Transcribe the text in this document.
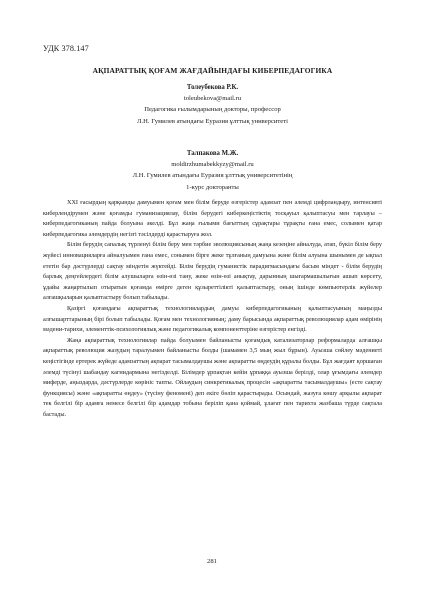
УДК 378.147
АҚПАРАТТЫҚ ҚОҒАМ ЖАҒДАЙЫНДАҒЫ КИБЕРПЕДАГОГИКА
Толеубекова Р.К.
toleubekova@mail.ru
Педагогика ғылымдарының докторы, профессор
Л.Н. Гумилев атындағы Еуразия ұлттық университеті
Талпакова М.Ж.
moldirzhumabekkyzy@mail.ru
Л.Н. Гумилев атындағы Еуразия ұлттық университетінің
1-курс докторанты

XXI ғасырдың қарқынды дамуымен қоғам мен білім беруде өзгерістер адамзат пен əлемді цифрландыру, интенсивті киберлендірумен және қоғамды гуманизациялау, білім берудегі киберкеңістіктің тосқауыл қалыптасуы мен тарлауы – киберпедагогиканың пайда болуына əкелді. Бұл жаңа ғылыми бағыттың сұрақтары тұрақты ғана емес, солымен қатар киберпедагогика əлемдердің негізгі тəсілдерді қарастыруға жол.

Білім берудің сапалық түрленуі білім беру мен тəрбие эволюциясының жаңа кезеңіне айналуда, атап, бүкіл білім беру жүйесі инновацияларға айналуымен ғана емес, сонымен бірге жеке тұлғаның дамуына және білім алуына шынымен де ықпал ететін бар дəстүрлерді сақтау міндетін жүктейді. Білім берудің гуманистік парадигмасындағы басым міндет - білім берудің барлық деңгейлердегі білім алушыларға өзін-өзі тану, жеке өзін-өзі анықтау, дарынның шығармашылығын ашып көрсету, ұдайы жаңартылып отыратын қоғамда өмірге деген құзыреттілікті қалыптастыру, оның ішінде көмпьютерлік жүйелер алғашқыларын қалыптастыру болып табылады.

Қазіргі қоғамдағы ақпараттық технологиялардың дамуы киберпедагогиканың қалыптасуының маңызды алғышарттарының бірі болып табылады. Қоғам мен технологияның; даму барысында ақпараттық революциялар адам өмірінің мəдени-тарихи, элементтік-психологиялық және педагогикалық компоненттеріне өзгерістер енгізді.

Жаңа ақпараттық технологиялар пайда болуымен байланысты қоғамдық катализаторлар реформаларда алғашқы ақпараттық революция жазудың таралуымен байланысты болды (шамамен 3,5 мың жыл бұрын). Ауызша сөйлеу мəдениеті кеңістігінде ертерек жүйеде адамзаттың ақпарат тасымалдаушы және ақпаратты өңдеудің құралы болды. Бұл жағдаят қоршаған əлемді түсінуі шабандау кагнидармына негізделді. Білімдер ұрпақтан кейін ұрпаққа ауызша берілді, олар ұғымдағы əлемдер миферде, аңыздарда, дəстүрлерде көрініс тапты. Ойлаудың синкретикалық процесін «ақпаратты тасымалдаушы» (есте сақтау функциясы) және «ақпаратты өңдеу» (түсіну феномені) деп екіге бөліп қарастырады. Осындай, жазуға көшу арқылы ақпарат тек белгілі бір адамға немесе белгілі бір адамдар тобына беріліп қана қоймай, ұлағат пен тарихта жазбаша түрде сақтала бастады.

281
